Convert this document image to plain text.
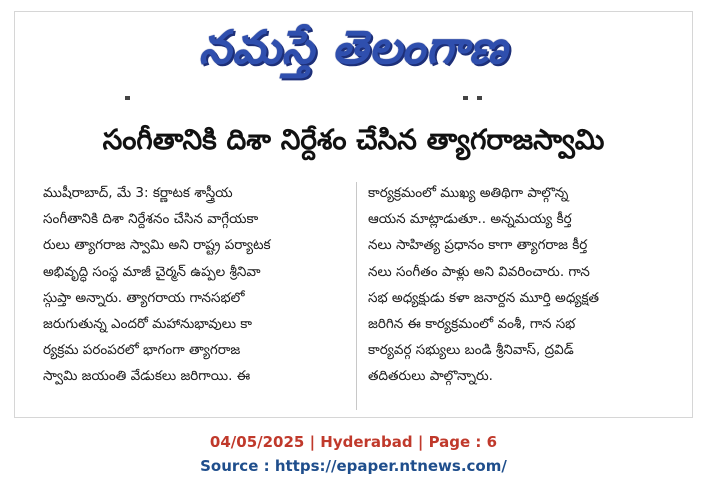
నమస్తే తెలంగాణ
సంగీతానికి దిశా నిర్దేశం చేసిన త్యాగరాజస్వామి
ముషీరాబాద్, మే 3: కర్ణాటక శాస్త్రీయ
సంగీతానికి దిశా నిర్దేశనం చేసిన వాగ్గేయకా
రులు త్యాగరాజ స్వామి అని రాష్ట్ర పర్యాటక
అభివృద్ధి సంస్థ మాజీ చైర్మన్ ఉప్పల శ్రీనివా
స్గుప్తా అన్నారు. త్యాగరాయ గానసభలో
జరుగుతున్న ఎందరో మహానుభావులు కా
ర్యక్రమ పరంపరలో భాగంగా త్యాగరాజ
స్వామి జయంతి వేడుకలు జరిగాయి. ఈ
కార్యక్రమంలో ముఖ్య అతిథిగా పాల్గొన్న
ఆయన మాట్లాడుతూ.. అన్నమయ్య కీర్త
నలు సాహిత్య ప్రధానం కాగా త్యాగరాజ కీర్త
నలు సంగీతం పాళ్లు అని వివరించారు. గాన
సభ అధ్యక్షుడు కళా జనార్దన మూర్తి అధ్యక్షత
జరిగిన ఈ కార్యక్రమంలో వంశీ, గాన సభ
కార్యవర్గ సభ్యులు బండి శ్రీనివాస్, ద్రవిడ్
తదితరులు పాల్గొన్నారు.
04/05/2025 | Hyderabad | Page : 6
Source : https://epaper.ntnews.com/
